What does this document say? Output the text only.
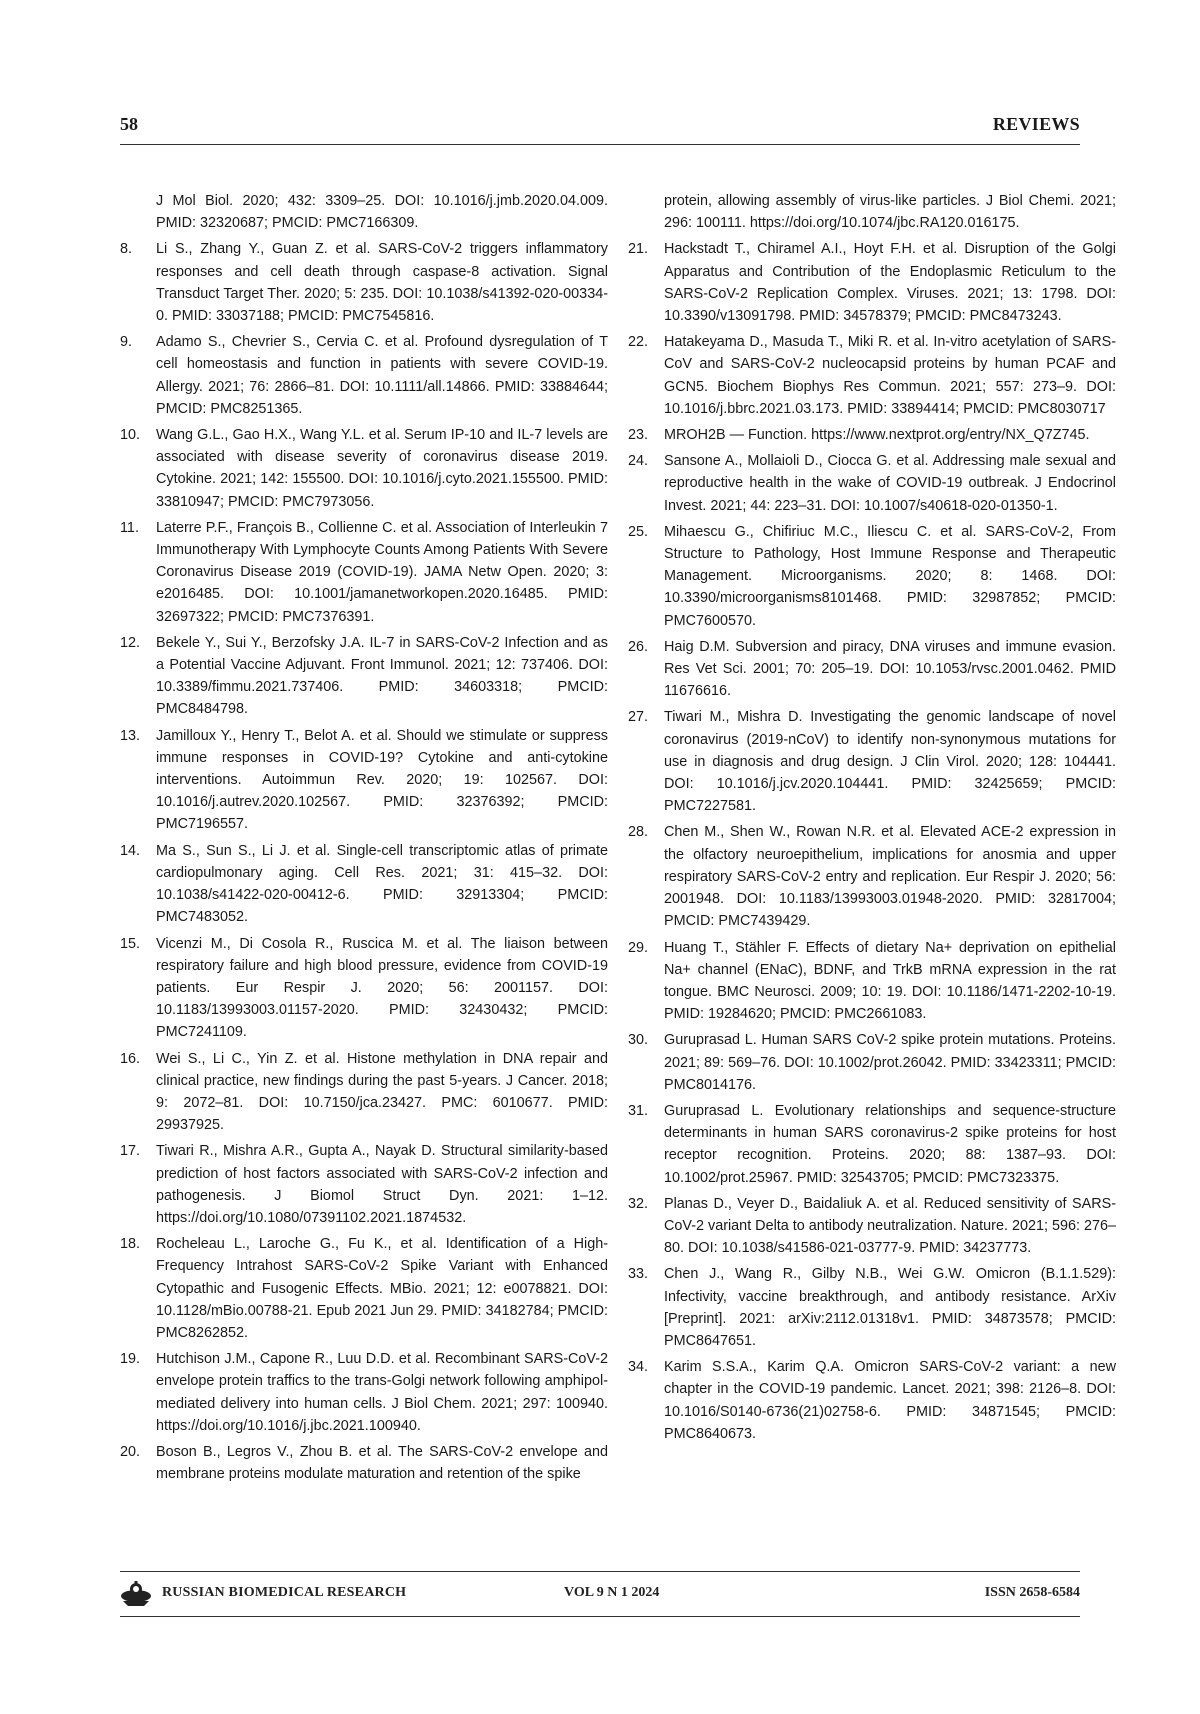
58	REVIEWS
J Mol Biol. 2020; 432: 3309–25. DOI: 10.1016/j.jmb.2020.04.009. PMID: 32320687; PMCID: PMC7166309.
8. Li S., Zhang Y., Guan Z. et al. SARS-CoV-2 triggers inflammatory responses and cell death through caspase-8 activation. Signal Transduct Target Ther. 2020; 5: 235. DOI: 10.1038/s41392-020-00334-0. PMID: 33037188; PMCID: PMC7545816.
9. Adamo S., Chevrier S., Cervia C. et al. Profound dysregulation of T cell homeostasis and function in patients with severe COVID-19. Allergy. 2021; 76: 2866–81. DOI: 10.1111/all.14866. PMID: 33884644; PMCID: PMC8251365.
10. Wang G.L., Gao H.X., Wang Y.L. et al. Serum IP-10 and IL-7 levels are associated with disease severity of coronavirus disease 2019. Cytokine. 2021; 142: 155500. DOI: 10.1016/j.cyto.2021.155500. PMID: 33810947; PMCID: PMC7973056.
11. Laterre P.F., François B., Collienne C. et al. Association of Interleukin 7 Immunotherapy With Lymphocyte Counts Among Patients With Severe Coronavirus Disease 2019 (COVID-19). JAMA Netw Open. 2020; 3: e2016485. DOI: 10.1001/jamanetworkopen.2020.16485. PMID: 32697322; PMCID: PMC7376391.
12. Bekele Y., Sui Y., Berzofsky J.A. IL-7 in SARS-CoV-2 Infection and as a Potential Vaccine Adjuvant. Front Immunol. 2021; 12: 737406. DOI: 10.3389/fimmu.2021.737406. PMID: 34603318; PMCID: PMC8484798.
13. Jamilloux Y., Henry T., Belot A. et al. Should we stimulate or suppress immune responses in COVID-19? Cytokine and anti-cytokine interventions. Autoimmun Rev. 2020; 19: 102567. DOI: 10.1016/j.autrev.2020.102567. PMID: 32376392; PMCID: PMC7196557.
14. Ma S., Sun S., Li J. et al. Single-cell transcriptomic atlas of primate cardiopulmonary aging. Cell Res. 2021; 31: 415–32. DOI: 10.1038/s41422-020-00412-6. PMID: 32913304; PMCID: PMC7483052.
15. Vicenzi M., Di Cosola R., Ruscica M. et al. The liaison between respiratory failure and high blood pressure, evidence from COVID-19 patients. Eur Respir J. 2020; 56: 2001157. DOI: 10.1183/13993003.01157-2020. PMID: 32430432; PMCID: PMC7241109.
16. Wei S., Li C., Yin Z. et al. Histone methylation in DNA repair and clinical practice, new findings during the past 5-years. J Cancer. 2018; 9: 2072–81. DOI: 10.7150/jca.23427. PMC: 6010677. PMID: 29937925.
17. Tiwari R., Mishra A.R., Gupta A., Nayak D. Structural similarity-based prediction of host factors associated with SARS-CoV-2 infection and pathogenesis. J Biomol Struct Dyn. 2021: 1–12. https://doi.org/10.1080/07391102.2021.1874532.
18. Rocheleau L., Laroche G., Fu K., et al. Identification of a High-Frequency Intrahost SARS-CoV-2 Spike Variant with Enhanced Cytopathic and Fusogenic Effects. MBio. 2021; 12: e0078821. DOI: 10.1128/mBio.00788-21. Epub 2021 Jun 29. PMID: 34182784; PMCID: PMC8262852.
19. Hutchison J.M., Capone R., Luu D.D. et al. Recombinant SARS-CoV-2 envelope protein traffics to the trans-Golgi network following amphipol-mediated delivery into human cells. J Biol Chem. 2021; 297: 100940. https://doi.org/10.1016/j.jbc.2021.100940.
20. Boson B., Legros V., Zhou B. et al. The SARS-CoV-2 envelope and membrane proteins modulate maturation and retention of the spike
protein, allowing assembly of virus-like particles. J Biol Chemi. 2021; 296: 100111. https://doi.org/10.1074/jbc.RA120.016175.
21. Hackstadt T., Chiramel A.I., Hoyt F.H. et al. Disruption of the Golgi Apparatus and Contribution of the Endoplasmic Reticulum to the SARS-CoV-2 Replication Complex. Viruses. 2021; 13: 1798. DOI: 10.3390/v13091798. PMID: 34578379; PMCID: PMC8473243.
22. Hatakeyama D., Masuda T., Miki R. et al. In-vitro acetylation of SARS-CoV and SARS-CoV-2 nucleocapsid proteins by human PCAF and GCN5. Biochem Biophys Res Commun. 2021; 557: 273–9. DOI: 10.1016/j.bbrc.2021.03.173. PMID: 33894414; PMCID: PMC8030717
23. MROH2B — Function. https://www.nextprot.org/entry/NX_Q7Z745.
24. Sansone A., Mollaioli D., Ciocca G. et al. Addressing male sexual and reproductive health in the wake of COVID-19 outbreak. J Endocrinol Invest. 2021; 44: 223–31. DOI: 10.1007/s40618-020-01350-1.
25. Mihaescu G., Chifiriuc M.C., Iliescu C. et al. SARS-CoV-2, From Structure to Pathology, Host Immune Response and Therapeutic Management. Microorganisms. 2020; 8: 1468. DOI: 10.3390/microorganisms8101468. PMID: 32987852; PMCID: PMC7600570.
26. Haig D.M. Subversion and piracy, DNA viruses and immune evasion. Res Vet Sci. 2001; 70: 205–19. DOI: 10.1053/rvsc.2001.0462. PMID 11676616.
27. Tiwari M., Mishra D. Investigating the genomic landscape of novel coronavirus (2019-nCoV) to identify non-synonymous mutations for use in diagnosis and drug design. J Clin Virol. 2020; 128: 104441. DOI: 10.1016/j.jcv.2020.104441. PMID: 32425659; PMCID: PMC7227581.
28. Chen M., Shen W., Rowan N.R. et al. Elevated ACE-2 expression in the olfactory neuroepithelium, implications for anosmia and upper respiratory SARS-CoV-2 entry and replication. Eur Respir J. 2020; 56: 2001948. DOI: 10.1183/13993003.01948-2020. PMID: 32817004; PMCID: PMC7439429.
29. Huang T., Stähler F. Effects of dietary Na+ deprivation on epithelial Na+ channel (ENaC), BDNF, and TrkB mRNA expression in the rat tongue. BMC Neurosci. 2009; 10: 19. DOI: 10.1186/1471-2202-10-19. PMID: 19284620; PMCID: PMC2661083.
30. Guruprasad L. Human SARS CoV-2 spike protein mutations. Proteins. 2021; 89: 569–76. DOI: 10.1002/prot.26042. PMID: 33423311; PMCID: PMC8014176.
31. Guruprasad L. Evolutionary relationships and sequence-structure determinants in human SARS coronavirus-2 spike proteins for host receptor recognition. Proteins. 2020; 88: 1387–93. DOI: 10.1002/prot.25967. PMID: 32543705; PMCID: PMC7323375.
32. Planas D., Veyer D., Baidaliuk A. et al. Reduced sensitivity of SARS-CoV-2 variant Delta to antibody neutralization. Nature. 2021; 596: 276–80. DOI: 10.1038/s41586-021-03777-9. PMID: 34237773.
33. Chen J., Wang R., Gilby N.B., Wei G.W. Omicron (B.1.1.529): Infectivity, vaccine breakthrough, and antibody resistance. ArXiv [Preprint]. 2021: arXiv:2112.01318v1. PMID: 34873578; PMCID: PMC8647651.
34. Karim S.S.A., Karim Q.A. Omicron SARS-CoV-2 variant: a new chapter in the COVID-19 pandemic. Lancet. 2021; 398: 2126–8. DOI: 10.1016/S0140-6736(21)02758-6. PMID: 34871545; PMCID: PMC8640673.
RUSSIAN BIOMEDICAL RESEARCH	VOL 9 N 1 2024	ISSN 2658-6584
